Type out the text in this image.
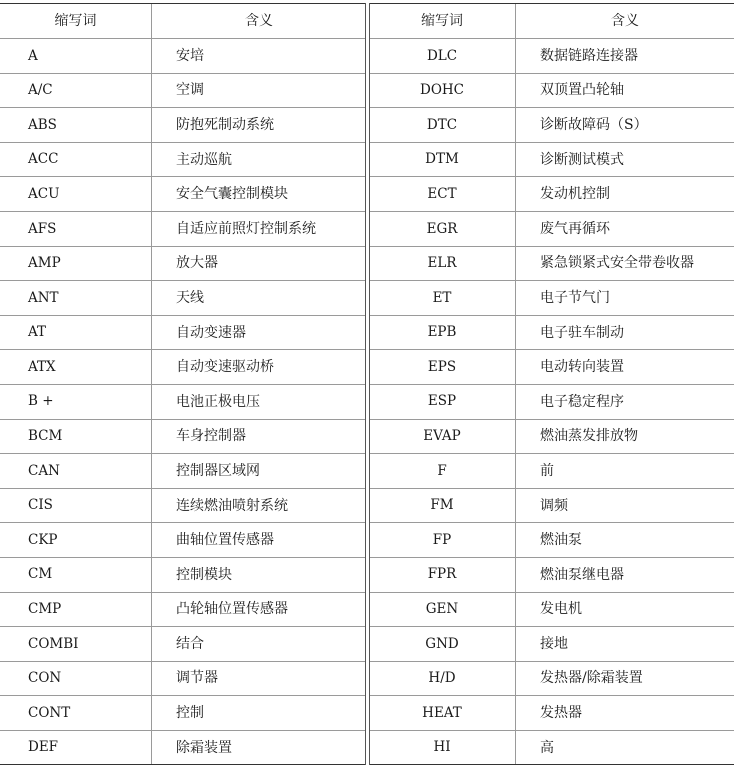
缩写词	含义
A	安培
A/C	空调
ABS	防抱死制动系统
ACC	主动巡航
ACU	安全气囊控制模块
AFS	自适应前照灯控制系统
AMP	放大器
ANT	天线
AT	自动变速器
ATX	自动变速驱动桥
B +	电池正极电压
BCM	车身控制器
CAN	控制器区域网
CIS	连续燃油喷射系统
CKP	曲轴位置传感器
CM	控制模块
CMP	凸轮轴位置传感器
COMBI	结合
CON	调节器
CONT	控制
DEF	除霜装置
缩写词	含义
DLC	数据链路连接器
DOHC	双顶置凸轮轴
DTC	诊断故障码（S）
DTM	诊断测试模式
ECT	发动机控制
EGR	废气再循环
ELR	紧急锁紧式安全带卷收器
ET	电子节气门
EPB	电子驻车制动
EPS	电动转向装置
ESP	电子稳定程序
EVAP	燃油蒸发排放物
F	前
FM	调频
FP	燃油泵
FPR	燃油泵继电器
GEN	发电机
GND	接地
H/D	发热器/除霜装置
HEAT	发热器
HI	高
